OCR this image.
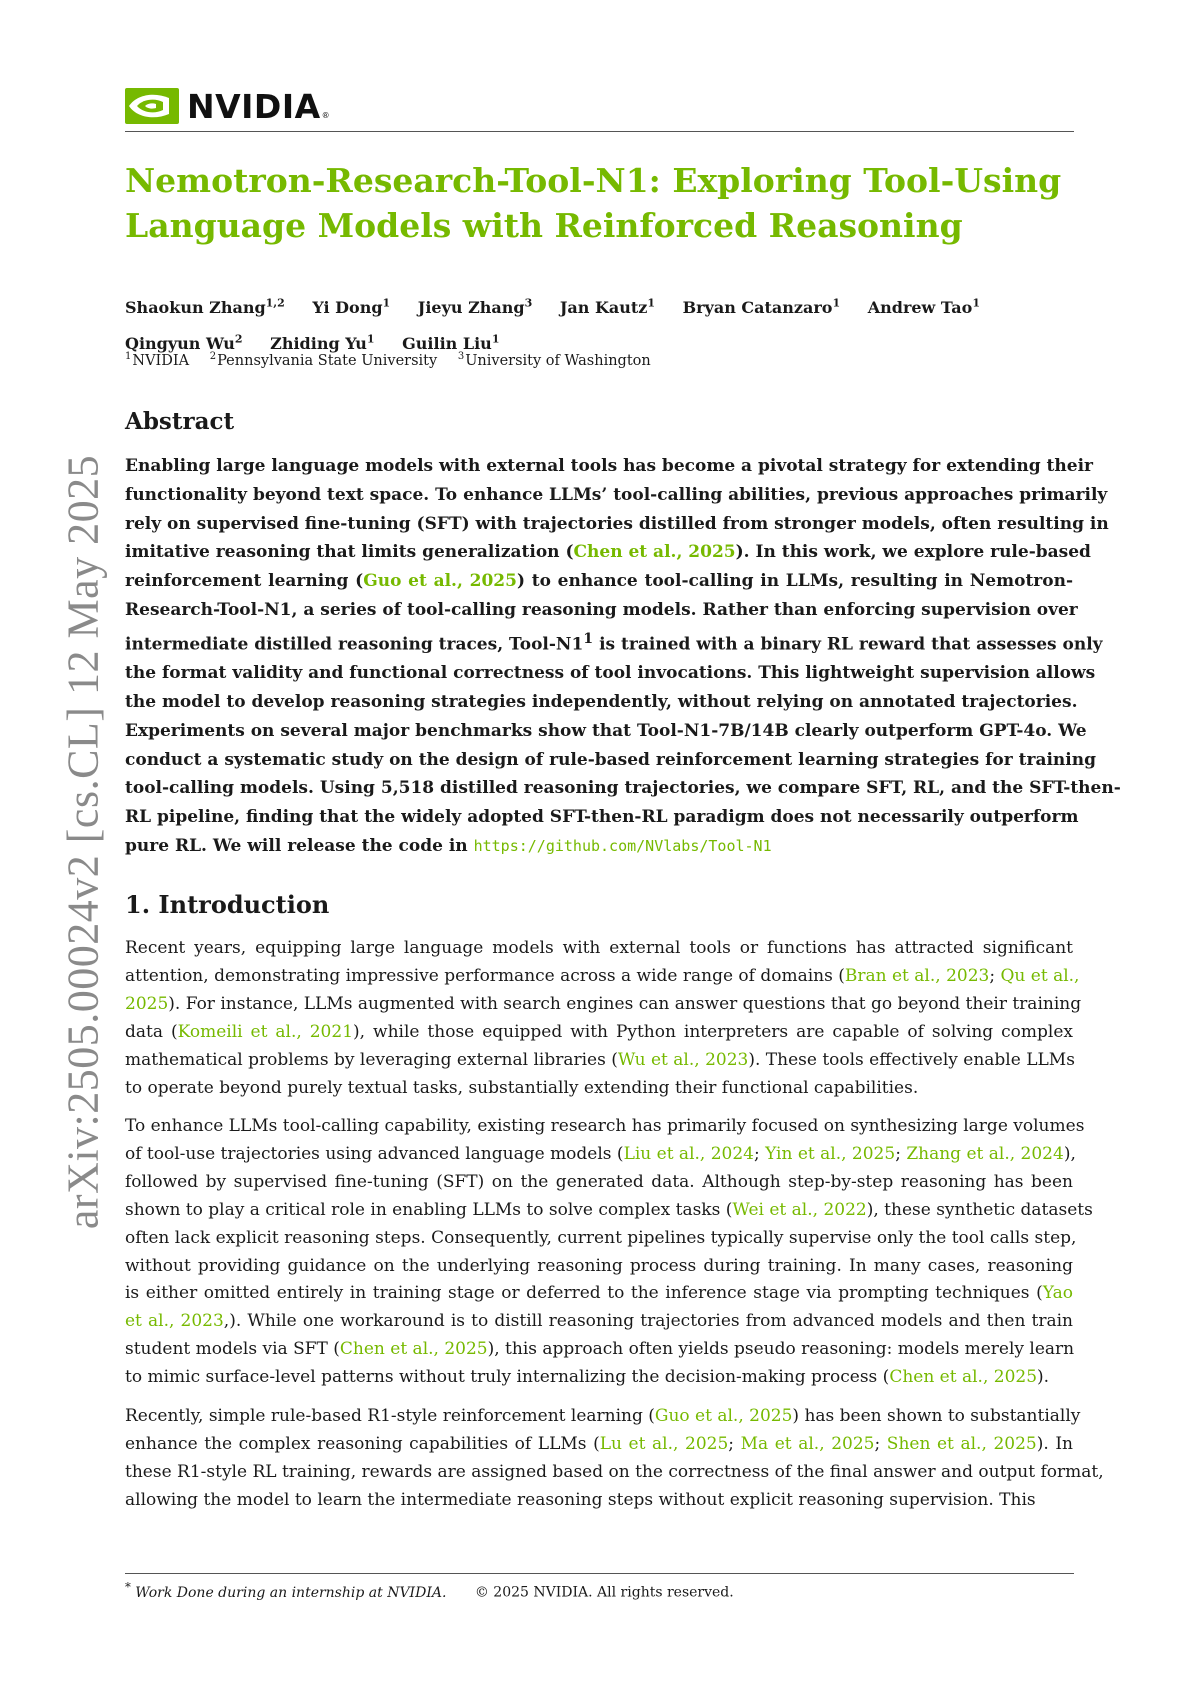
NVIDIA®
arXiv:2505.00024v2 [cs.CL] 12 May 2025
Nemotron-Research-Tool-N1: Exploring Tool-Using
Language Models with Reinforced Reasoning
Shaokun Zhang$^{1,2}$ Yi Dong$^1$ Jieyu Zhang$^3$ Jan Kautz$^1$ Bryan Catanzaro$^1$ Andrew Tao$^1$
Qingyun Wu$^2$ Zhiding Yu$^1$ Guilin Liu$^1$
$^1$NVIDIA $^2$Pennsylvania State University $^3$University of Washington
Abstract
Enabling large language models with external tools has become a pivotal strategy for extending their
functionality beyond text space. To enhance LLMs’ tool-calling abilities, previous approaches primarily
rely on supervised fine-tuning (SFT) with trajectories distilled from stronger models, often resulting in
imitative reasoning that limits generalization (Chen et al., 2025). In this work, we explore rule-based
reinforcement learning (Guo et al., 2025) to enhance tool-calling in LLMs, resulting in Nemotron-
Research-Tool-N1, a series of tool-calling reasoning models. Rather than enforcing supervision over
intermediate distilled reasoning traces, Tool-$N1^1$ is trained with a binary RL reward that assesses only
the format validity and functional correctness of tool invocations. This lightweight supervision allows
the model to develop reasoning strategies independently, without relying on annotated trajectories.
Experiments on several major benchmarks show that Tool-N1-7B/14B clearly outperform GPT-4o. We
conduct a systematic study on the design of rule-based reinforcement learning strategies for training
tool-calling models. Using 5,518 distilled reasoning trajectories, we compare SFT, RL, and the SFT-then-
RL pipeline, finding that the widely adopted SFT-then-RL paradigm does not necessarily outperform
pure RL. We will release the code in https://github.com/NVlabs/Tool-N1
1. Introduction
Recent years, equipping large language models with external tools or functions has attracted significant
attention, demonstrating impressive performance across a wide range of domains (Bran et al., 2023; Qu et al.,
2025). For instance, LLMs augmented with search engines can answer questions that go beyond their training
data (Komeili et al., 2021), while those equipped with Python interpreters are capable of solving complex
mathematical problems by leveraging external libraries (Wu et al., 2023). These tools effectively enable LLMs
to operate beyond purely textual tasks, substantially extending their functional capabilities.
To enhance LLMs tool-calling capability, existing research has primarily focused on synthesizing large volumes
of tool-use trajectories using advanced language models (Liu et al., 2024; Yin et al., 2025; Zhang et al., 2024),
followed by supervised fine-tuning (SFT) on the generated data. Although step-by-step reasoning has been
shown to play a critical role in enabling LLMs to solve complex tasks (Wei et al., 2022), these synthetic datasets
often lack explicit reasoning steps. Consequently, current pipelines typically supervise only the tool calls step,
without providing guidance on the underlying reasoning process during training. In many cases, reasoning
is either omitted entirely in training stage or deferred to the inference stage via prompting techniques (Yao
et al., 2023,). While one workaround is to distill reasoning trajectories from advanced models and then train
student models via SFT (Chen et al., 2025), this approach often yields pseudo reasoning: models merely learn
to mimic surface-level patterns without truly internalizing the decision-making process (Chen et al., 2025).
Recently, simple rule-based R1-style reinforcement learning (Guo et al., 2025) has been shown to substantially
enhance the complex reasoning capabilities of LLMs (Lu et al., 2025; Ma et al., 2025; Shen et al., 2025). In
these R1-style RL training, rewards are assigned based on the correctness of the final answer and output format,
allowing the model to learn the intermediate reasoning steps without explicit reasoning supervision. This
* Work Done during an internship at NVIDIA. © 2025 NVIDIA. All rights reserved.
